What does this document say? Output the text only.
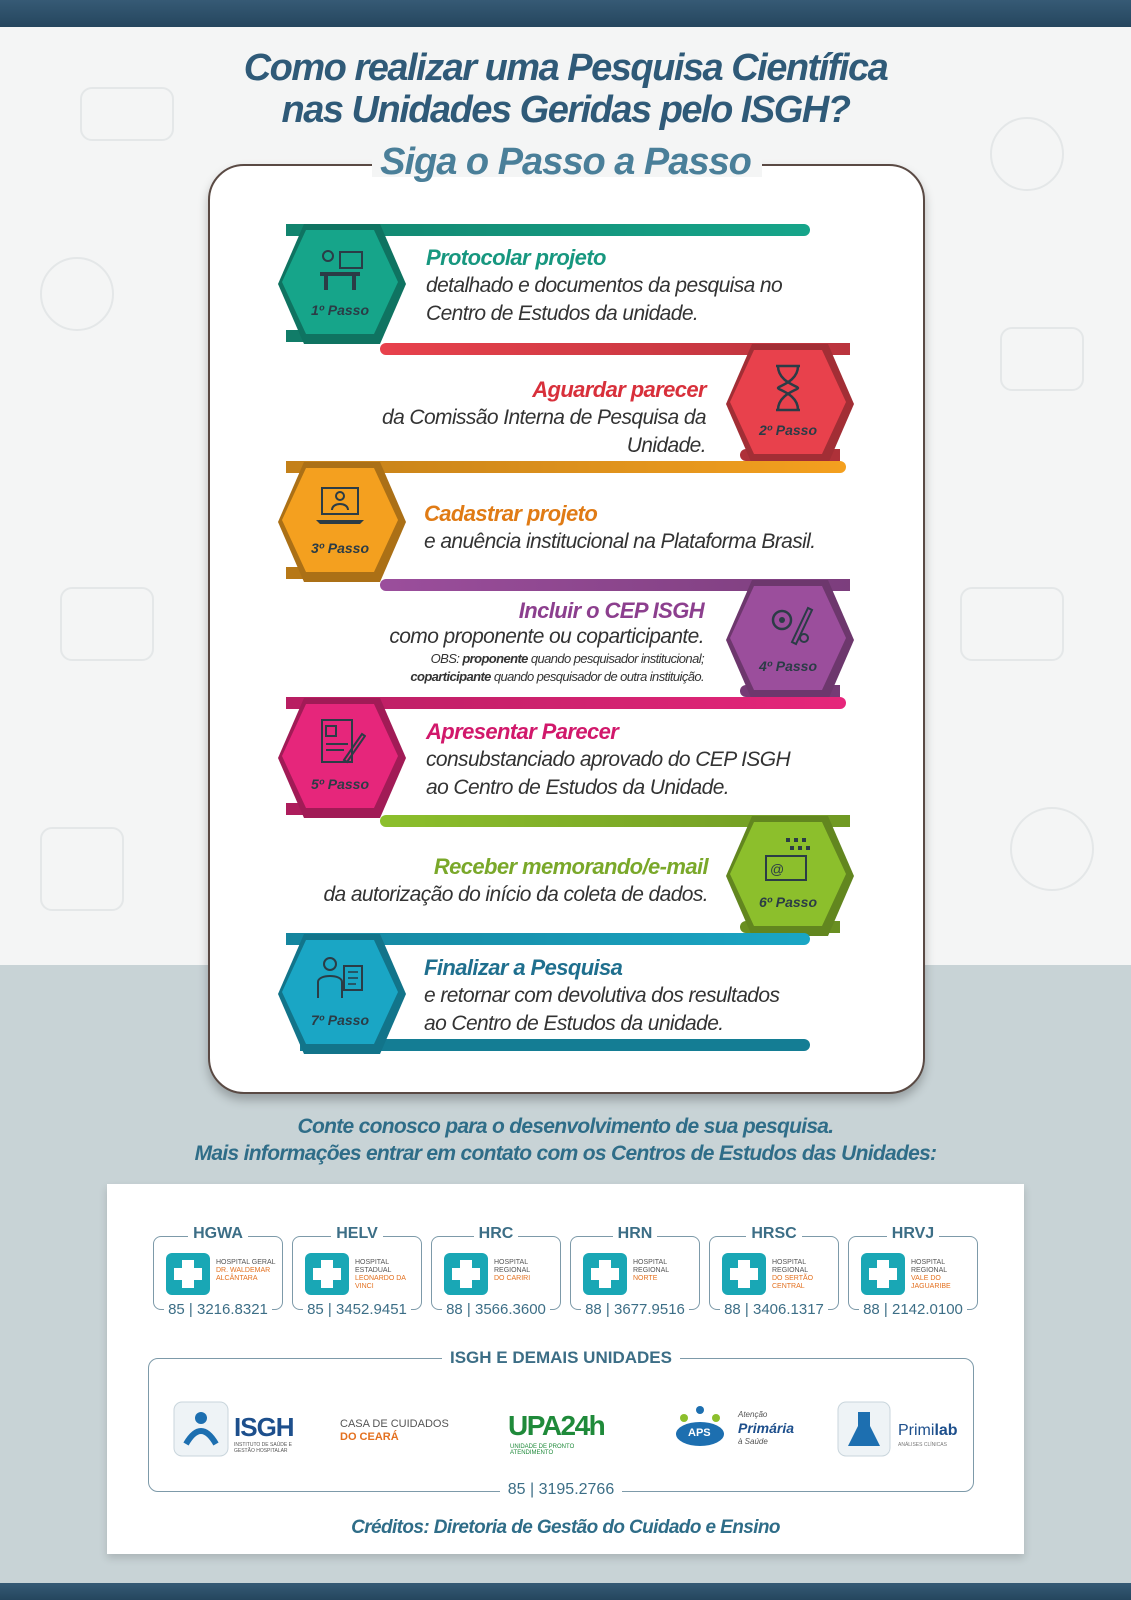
Como realizar uma Pesquisa Científica
nas Unidades Geridas pelo ISGH?
Siga o Passo a Passo
Protocolar projeto
detalhado e documentos da pesquisa no
Centro de Estudos da unidade.
Aguardar parecer
da Comissão Interna de Pesquisa da Unidade.
Cadastrar projeto
e anuência institucional na Plataforma Brasil.
Incluir o CEP ISGH
como proponente ou coparticipante.
OBS: proponente quando pesquisador institucional;
coparticipante quando pesquisador de outra instituição.
Apresentar Parecer
consubstanciado aprovado do CEP ISGH
ao Centro de Estudos da Unidade.
Receber memorando/e-mail
da autorização do início da coleta de dados.
Finalizar a Pesquisa
e retornar com devolutiva dos resultados
ao Centro de Estudos da unidade.
Conte conosco para o desenvolvimento de sua pesquisa.
Mais informações entrar em contato com os Centros de Estudos das Unidades:
HGWA
HOSPITAL GERAL
DR. WALDEMAR ALCÂNTARA
85 | 3216.8321
HELV
HOSPITAL ESTADUAL
LEONARDO DA VINCI
85 | 3452.9451
HRC
HOSPITAL REGIONAL
DO CARIRI
88 | 3566.3600
HRN
HOSPITAL REGIONAL
NORTE
88 | 3677.9516
HRSC
HOSPITAL REGIONAL
DO SERTÃO CENTRAL
88 | 3406.1317
HRVJ
HOSPITAL REGIONAL
VALE DO JAGUARIBE
88 | 2142.0100
ISGH E DEMAIS UNIDADES
85 | 3195.2766
ISGH
INSTITUTO DE SAÚDE E GESTÃO HOSPITALAR
CASA DE CUIDADOS
DO CEARÁ	UPA24h
UNIDADE DE PRONTO ATENDIMENTO
APS
Atenção
Primária
à Saúde
Primilab
ANÁLISES CLÍNICAS
Créditos: Diretoria de Gestão do Cuidado e Ensino
1º Passo
2º Passo
3º Passo
4º Passo
5º Passo
@
6º Passo
7º Passo
